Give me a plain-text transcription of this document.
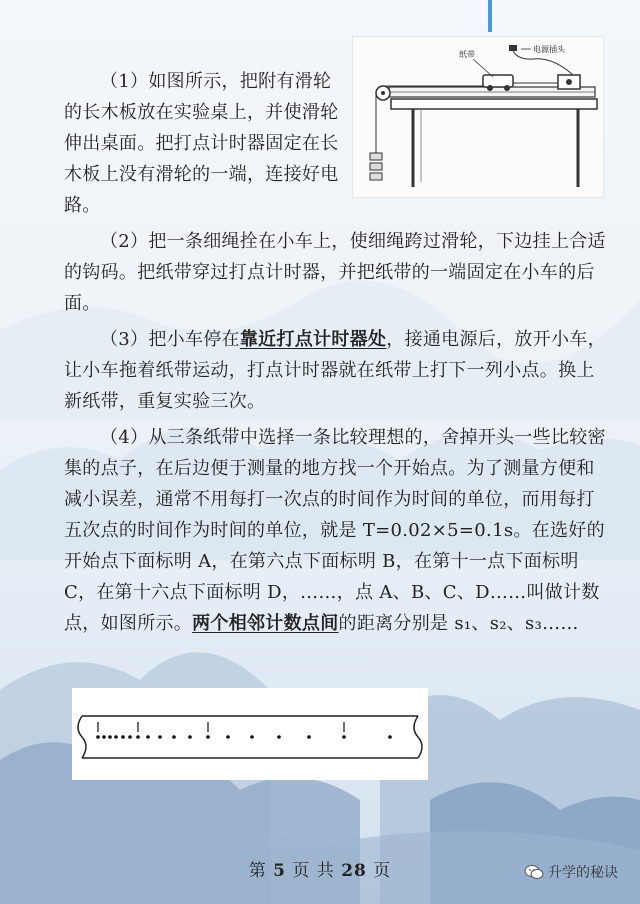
电源插头
纸带

（1）如图所示，把附有滑轮的长木板放在实验桌上，并使滑轮伸出桌面。把打点计时器固定在长木板上没有滑轮的一端，连接好电路。

（2）把一条细绳拴在小车上，使细绳跨过滑轮，下边挂上合适的钩码。把纸带穿过打点计时器，并把纸带的一端固定在小车的后面。

（3）把小车停在靠近打点计时器处，接通电源后，放开小车，让小车拖着纸带运动，打点计时器就在纸带上打下一列小点。换上新纸带，重复实验三次。

（4）从三条纸带中选择一条比较理想的，舍掉开头一些比较密集的点子，在后边便于测量的地方找一个开始点。为了测量方便和减小误差，通常不用每打一次点的时间作为时间的单位，而用每打五次点的时间作为时间的单位，就是 T=0.02×5=0.1s。在选好的开始点下面标明 A，在第六点下面标明 B，在第十一点下面标明 C，在第十六点下面标明 D，……，点 A、B、C、D……叫做计数点，如图所示。两个相邻计数点间的距离分别是 s₁、s₂、s₃……

第 5 页 共 28 页	升学的秘诀
